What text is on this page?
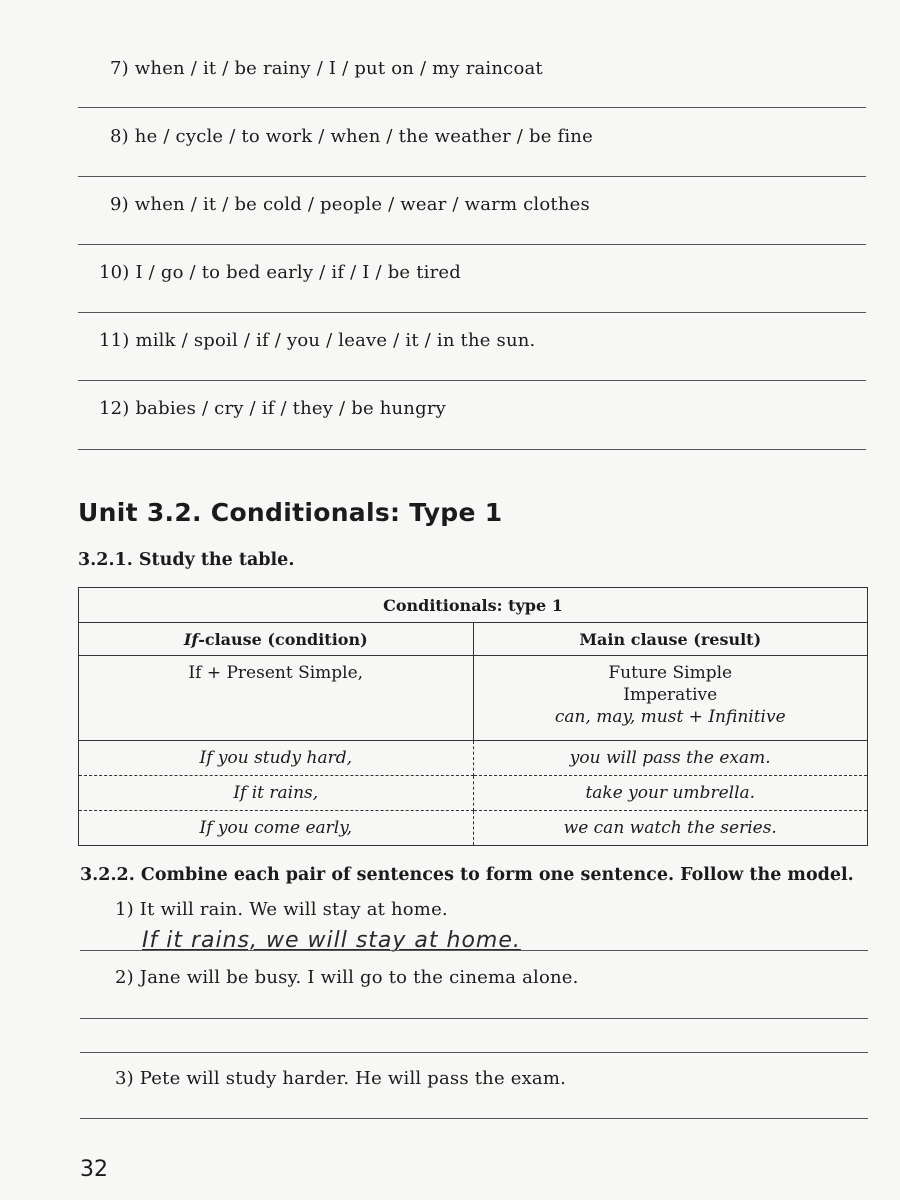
7) when / it / be rainy / I / put on / my raincoat
8) he / cycle / to work / when / the weather / be fine
9) when / it / be cold / people / wear / warm clothes
10) I / go / to bed early / if / I / be tired
11) milk / spoil / if / you / leave / it / in the sun.
12) babies / cry / if / they / be hungry
Unit 3.2. Conditionals: Type 1
3.2.1. Study the table.
Conditionals: type 1	
If-clause (condition)	Main clause (result)
If + Present Simple,	Future Simple
Imperative
can, may, must + Infinitive

If you study hard,	you will pass the exam.
If it rains,	take your umbrella.
If you come early,	we can watch the series.
3.2.2. Combine each pair of sentences to form one sentence. Follow the model.
1) It will rain. We will stay at home.
If it rains, we will stay at home.
2) Jane will be busy. I will go to the cinema alone.
3) Pete will study harder. He will pass the exam.
32
